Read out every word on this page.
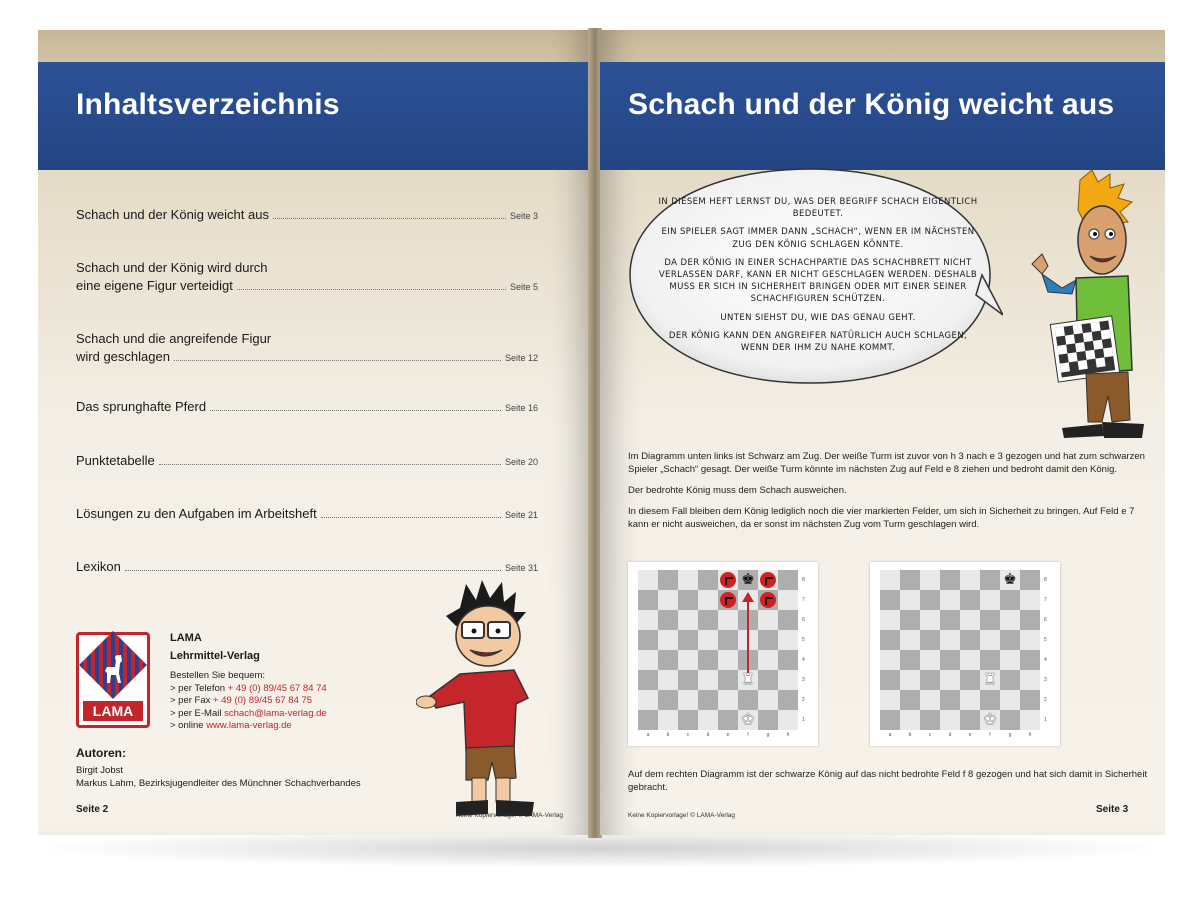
Inhaltsverzeichnis
Schach und der König weicht aus	Seite 3
Schach und der König wird durch
eine eigene Figur verteidigt	Seite 5
Schach und die angreifende Figur
wird geschlagen	Seite 12
Das sprunghafte Pferd	Seite 16
Punktetabelle	Seite 20
Lösungen zu den Aufgaben im Arbeitsheft	Seite 21
Lexikon	Seite 31
LAMA
LAMA
Lehrmittel-Verlag
Bestellen Sie bequem:
> per Telefon + 49 (0) 89/45 67 84 74
> per Fax + 49 (0) 89/45 67 84 75
> per E-Mail schach@lama-verlag.de
> online www.lama-verlag.de
Autoren:
Birgit Jobst
Markus Lahm, Bezirksjugendleiter des Münchner Schachverbandes
Seite 2
Keine Kopiervorlage! © LAMA-Verlag
Schach und der König weicht aus

IN DIESEM HEFT LERNST DU, WAS DER BEGRIFF SCHACH EIGENTLICH BEDEUTET.

EIN SPIELER SAGT IMMER DANN „SCHACH“, WENN ER IM NÄCHSTEN ZUG DEN KÖNIG SCHLAGEN KÖNNTE.

DA DER KÖNIG IN EINER SCHACHPARTIE DAS SCHACHBRETT NICHT VERLASSEN DARF, KANN ER NICHT GESCHLAGEN WERDEN. DESHALB MUSS ER SICH IN SICHERHEIT BRINGEN ODER MIT EINER SEINER SCHACHFIGUREN SCHÜTZEN.

UNTEN SIEHST DU, WIE DAS GENAU GEHT.

DER KÖNIG KANN DEN ANGREIFER NATÜRLICH AUCH SCHLAGEN, WENN DER IHM ZU NAHE KOMMT.

Im Diagramm unten links ist Schwarz am Zug. Der weiße Turm ist zuvor von h 3 nach e 3 gezogen und hat zum schwarzen Spieler „Schach“ gesagt. Der weiße Turm könnte im nächsten Zug auf Feld e 8 ziehen und bedroht damit den König.

Der bedrohte König muss dem Schach ausweichen.

In diesem Fall bleiben dem König lediglich noch die vier markierten Felder, um sich in Sicherheit zu bringen. Auf Feld e 7 kann er nicht ausweichen, da er sonst im nächsten Zug vom Turm geschlagen wird.

♚
♜
♚
a	b	c	d	e	f	g	h
8
7
6
5
4
3
2
1
♚
♜
♚
a	b	c	d	e	f	g	h
8
7
6
5
4
3
2
1

Auf dem rechten Diagramm ist der schwarze König auf das nicht bedrohte Feld f 8 gezogen und hat sich damit in Sicherheit gebracht.

Seite 3
Keine Kopiervorlage! © LAMA-Verlag
